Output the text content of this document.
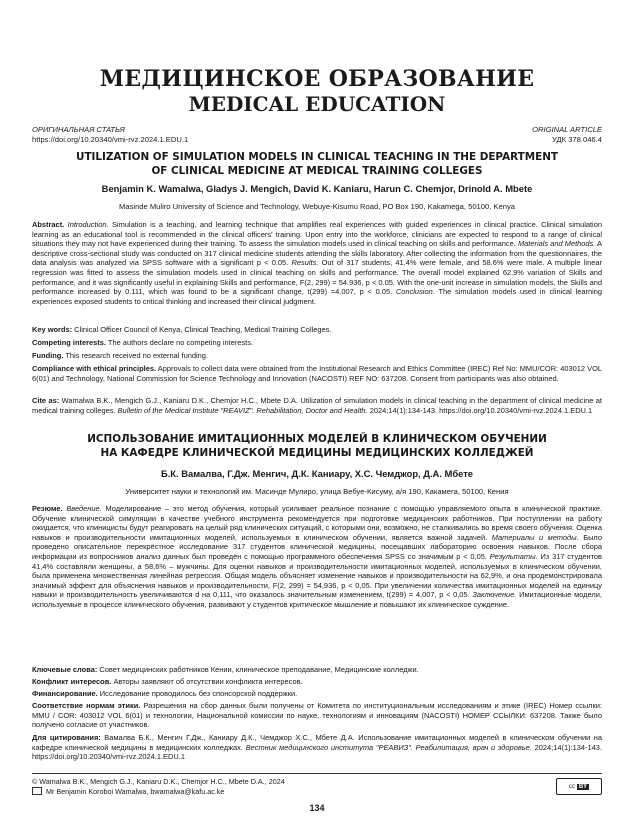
МЕДИЦИНСКОЕ ОБРАЗОВАНИЕ
MEDICAL EDUCATION
ОРИГИНАЛЬНАЯ СТАТЬЯ
https://doi.org/10.20340/vmi-rvz.2024.1.EDU.1
ORIGINAL ARTICLE
УДК 378.046.4
UTILIZATION OF SIMULATION MODELS IN CLINICAL TEACHING IN THE DEPARTMENT
OF CLINICAL MEDICINE AT MEDICAL TRAINING COLLEGES
Benjamin K. Wamalwa, Gladys J. Mengich, David K. Kaniaru, Harun C. Chemjor, Drinold A. Mbete
Masinde Muliro University of Science and Technology, Webuye-Kisumu Road, PO Box 190, Kakamega, 50100, Kenya
Abstract. Introduction. Simulation is a teaching, and learning technique that amplifies real experiences with guided experiences in clinical practice. Clinical simulation learning as an educational tool is recommended in the clinical officers' training. Upon entry into the workforce, clinicians are expected to respond to a range of clinical situations they may not have experienced during their training. To assess the simulation models used in clinical teaching on skills and performance. Materials and Methods. A descriptive cross-sectional study was conducted on 317 clinical medicine students attending the skills laboratory. After collecting the information from the questionnaires, the data analysis was analyzed via SPSS software with a significant p < 0.05. Results. Out of 317 students, 41.4% were female, and 58.6% were male. A multiple linear regression was fitted to assess the simulation models used in clinical teaching on skills and performance. The overall model explained 62.9% variation of Skills and performance, and it was significantly useful in explaining Skills and performance, F(2, 299) = 54.936, p < 0.05. With the one-unit increase in simulation models, the Skills and performance increased by 0.111, which was found to be a significant change, t(299) =4.007, p < 0.05. Conclusion. The simulation models used in clinical learning experiences exposed students to critical thinking and increased their clinical judgment.
Key words: Clinical Officer Council of Kenya, Clinical Teaching, Medical Training Colleges.
Competing interests. The authors declare no competing interests.
Funding. This research received no external funding.
Compliance with ethical principles. Approvals to collect data were obtained from the Institutional Research and Ethics Committee (IREC) Ref No: MMU/COR: 403012 VOL 6(01) and Technology, National Commission for Science Technology and Innovation (NACOSTI) REF NO: 637208. Consent from participants was also obtained.
Cite as: Wamalwa B.K., Mengich G.J., Kaniaru D.K., Chemjor H.C., Mbete D.A. Utilization of simulation models in clinical teaching in the department of clinical medicine at medical training colleges. Bulletin of the Medical Institute "REAVIZ". Rehabilitation, Doctor and Health. 2024;14(1):134-143. https://doi.org/10.20340/vmi-rvz.2024.1.EDU.1
ИСПОЛЬЗОВАНИЕ ИМИТАЦИОННЫХ МОДЕЛЕЙ В КЛИНИЧЕСКОМ ОБУЧЕНИИ
НА КАФЕДРЕ КЛИНИЧЕСКОЙ МЕДИЦИНЫ МЕДИЦИНСКИХ КОЛЛЕДЖЕЙ
Б.К. Вамалва, Г.Дж. Менгич, Д.К. Каниару, Х.С. Чемджор, Д.А. Мбете
Университет науки и технологий им. Масинде Мулиро, улица Вебуе-Кисуму, а/я 190, Какамега, 50100, Кения
Резюме. Введение. Моделирование – это метод обучения, который усиливает реальное познание с помощью управляемого опыта в клинической практике. Обучение клинической симуляции в качестве учебного инструмента рекомендуется при подготовке медицинских работников. При поступлении на работу ожидается, что клиницисты будут реагировать на целый ряд клинических ситуаций, с которыми они, возможно, не сталкивались во время своего обучения. Оценка навыков и производительности имитационных моделей, используемых в клиническом обучении, является важной задачей. Материалы и методы. Было проведено описательное перекрёстное исследование 317 студентов клинической медицины, посещавших лабораторию освоения навыков. После сбора информации из вопросников анализ данных был проведён с помощью программного обеспечения SPSS со значимым p < 0,05. Результаты. Из 317 студентов 41,4% составляли женщины, а 58,6% – мужчины. Для оценки навыков и производительности имитационных моделей, используемых в клиническом обучении, была применена множественная линейная регрессия. Общая модель объясняет изменение навыков и производительности на 62,9%, и она продемонстрировала значимый эффект для объяснения навыков и производительности, F(2, 299) = 54,936, p < 0,05. При увеличении количества имитационных моделей на единицу навыки и производительность увеличиваются d на 0,111, что оказалось значительным изменением, t(299) = 4,007, p < 0,05. Заключение. Имитационные модели, используемые в процессе клинического обучения, развивают у студентов критическое мышление и повышают их клиническое суждение.
Ключевые слова: Совет медицинских работников Кении, клиническое преподавание, Медицинские колледжи.
Конфликт интересов. Авторы заявляют об отсутствии конфликта интересов.
Финансирование. Исследование проводилось без спонсорской поддержки.
Соответствие нормам этики. Разрешения на сбор данных были получены от Комитета по институциональным исследованиям и этике (IREC) Номер ссылки: MMU / COR: 403012 VOL 6(01) и технологии, Национальной комиссии по науке, технологиям и инновациям (NACOSTI) НОМЕР ССЫЛКИ: 637208. Также было получено согласие от участников.
Для цитирования: Вамалва Б.К., Менгич Г.Дж., Каниару Д.К., Чемджор Х.С., Мбете Д.А. Использование имитационных моделей в клиническом обучении на кафедре клинической медицины в медицинских колледжах. Вестник медицинского института "РЕАВИЗ". Реабилитация, врач и здоровье. 2024;14(1):134-143. https://doi.org/10.20340/vmi-rvz.2024.1.EDU.1
© Wamalwa B.K., Mengich G.J., Kaniaru D.K., Chemjor H.C., Mbete D.A., 2024
Mr Benjamin Koroboi Wamalwa, bwamalwa@kafu.ac.ke	cc BY
134
